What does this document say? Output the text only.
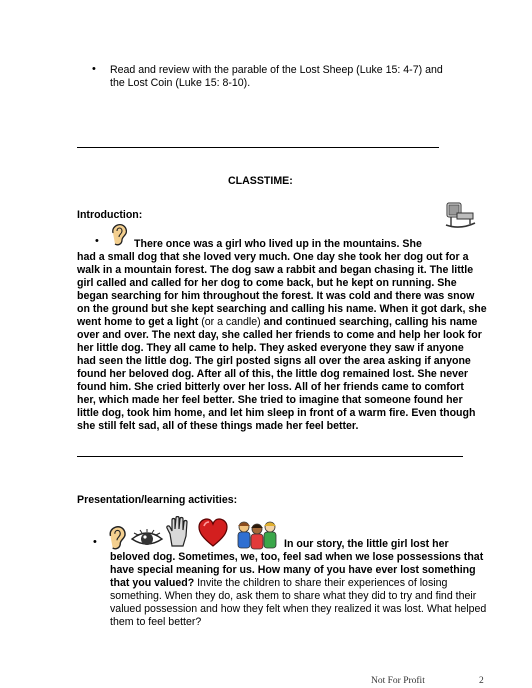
• Read and review with the parable of the Lost Sheep (Luke 15: 4-7) and
the Lost Coin (Luke 15: 8-10).
CLASSTIME:
Introduction:
•	There once was a girl who lived up in the mountains. She
had a small dog that she loved very much. One day she took her dog out for a
walk in a mountain forest. The dog saw a rabbit and began chasing it. The little
girl called and called for her dog to come back, but he kept on running. She
began searching for him throughout the forest. It was cold and there was snow
on the ground but she kept searching and calling his name. When it got dark, she
went home to get a light (or a candle) and continued searching, calling his name
over and over. The next day, she called her friends to come and help her look for
her little dog. They all came to help. They asked everyone they saw if anyone
had seen the little dog. The girl posted signs all over the area asking if anyone
found her beloved dog. After all of this, the little dog remained lost. She never
found him. She cried bitterly over her loss. All of her friends came to comfort
her, which made her feel better. She tried to imagine that someone found her
little dog, took him home, and let him sleep in front of a warm fire. Even though
she still felt sad, all of these things made her feel better.
Presentation/learning activities:
•	In our story, the little girl lost her
beloved dog. Sometimes, we, too, feel sad when we lose possessions that
have special meaning for us. How many of you have ever lost something
that you valued? Invite the children to share their experiences of losing
something. When they do, ask them to share what they did to try and find their
valued possession and how they felt when they realized it was lost. What helped
them to feel better?
Not For Profit	2
